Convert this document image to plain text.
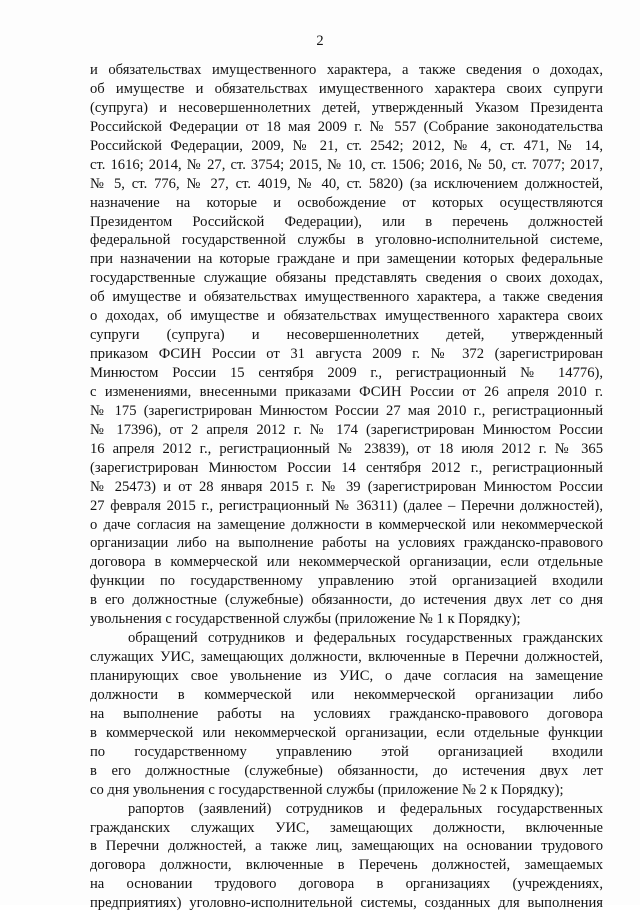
2
и обязательствах имущественного характера, а также сведения о доходах,
об имуществе и обязательствах имущественного характера своих супруги
(супруга) и несовершеннолетних детей, утвержденный Указом Президента
Российской Федерации от 18 мая 2009 г. № 557 (Собрание законодательства
Российской Федерации, 2009, № 21, ст. 2542; 2012, № 4, ст. 471, № 14,
ст. 1616; 2014, № 27, ст. 3754; 2015, № 10, ст. 1506; 2016, № 50, ст. 7077; 2017,
№ 5, ст. 776, № 27, ст. 4019, № 40, ст. 5820) (за исключением должностей,
назначение на которые и освобождение от которых осуществляются
Президентом Российской Федерации), или в перечень должностей
федеральной государственной службы в уголовно-исполнительной системе,
при назначении на которые граждане и при замещении которых федеральные
государственные служащие обязаны представлять сведения о своих доходах,
об имуществе и обязательствах имущественного характера, а также сведения
о доходах, об имуществе и обязательствах имущественного характера своих
супруги (супруга) и несовершеннолетних детей, утвержденный
приказом ФСИН России от 31 августа 2009 г. № 372 (зарегистрирован
Минюстом России 15 сентября 2009 г., регистрационный № 14776),
с изменениями, внесенными приказами ФСИН России от 26 апреля 2010 г.
№ 175 (зарегистрирован Минюстом России 27 мая 2010 г., регистрационный
№ 17396), от 2 апреля 2012 г. № 174 (зарегистрирован Минюстом России
16 апреля 2012 г., регистрационный № 23839), от 18 июля 2012 г. № 365
(зарегистрирован Минюстом России 14 сентября 2012 г., регистрационный
№ 25473) и от 28 января 2015 г. № 39 (зарегистрирован Минюстом России
27 февраля 2015 г., регистрационный № 36311) (далее – Перечни должностей),
о даче согласия на замещение должности в коммерческой или некоммерческой
организации либо на выполнение работы на условиях гражданско-правового
договора в коммерческой или некоммерческой организации, если отдельные
функции по государственному управлению этой организацией входили
в его должностные (служебные) обязанности, до истечения двух лет со дня
увольнения с государственной службы (приложение № 1 к Порядку);
обращений сотрудников и федеральных государственных гражданских
служащих УИС, замещающих должности, включенные в Перечни должностей,
планирующих свое увольнение из УИС, о даче согласия на замещение
должности в коммерческой или некоммерческой организации либо
на выполнение работы на условиях гражданско-правового договора
в коммерческой или некоммерческой организации, если отдельные функции
по государственному управлению этой организацией входили
в его должностные (служебные) обязанности, до истечения двух лет
со дня увольнения с государственной службы (приложение № 2 к Порядку);
рапортов (заявлений) сотрудников и федеральных государственных
гражданских служащих УИС, замещающих должности, включенные
в Перечни должностей, а также лиц, замещающих на основании трудового
договора должности, включенные в Перечень должностей, замещаемых
на основании трудового договора в организациях (учреждениях,
предприятиях) уголовно-исполнительной системы, созданных для выполнения
